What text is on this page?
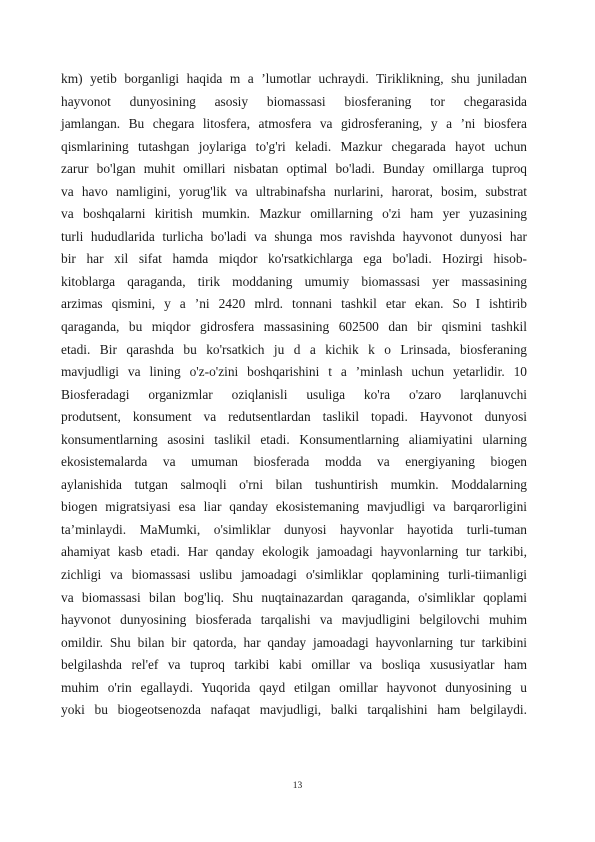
km) yetib borganligi haqida m a ’lumotlar uchraydi. Tiriklikning, shu juniladan
hayvonot dunyosining asosiy biomassasi biosferaning tor chegarasida
jamlangan. Bu chegara litosfera, atmosfera va gidrosferaning, y a ’ni biosfera
qismlarining tutashgan joylariga to'g'ri keladi. Mazkur chegarada hayot uchun
zarur bo'lgan muhit omillari nisbatan optimal bo'ladi. Bunday omillarga tuproq
va havo namligini, yorug'lik va ultrabinafsha nurlarini, harorat, bosim, substrat
va boshqalarni kiritish mumkin. Mazkur omillarning o'zi ham yer yuzasining
turli hududlarida turlicha bo'ladi va shunga mos ravishda hayvonot dunyosi har
bir har xil sifat hamda miqdor ko'rsatkichlarga ega bo'ladi. Hozirgi hisob-
kitoblarga qaraganda, tirik moddaning umumiy biomassasi yer massasining
arzimas qismini, y a ’ni 2420 mlrd. tonnani tashkil etar ekan. So I ishtirib
qaraganda, bu miqdor gidrosfera massasining 602500 dan bir qismini tashkil
etadi. Bir qarashda bu ko'rsatkich ju d a kichik k o Lrinsada, biosferaning
mavjudligi va lining o'z-o'zini boshqarishini t a ’minlash uchun yetarlidir. 10
Biosferadagi organizmlar oziqlanisli usuliga ko'ra o'zaro larqlanuvchi
produtsent, konsument va redutsentlardan taslikil topadi. Hayvonot dunyosi
konsumentlarning asosini taslikil etadi. Konsumentlarning aliamiyatini ularning
ekosistemalarda va umuman biosferada modda va energiyaning biogen
aylanishida tutgan salmoqli o'rni bilan tushuntirish mumkin. Moddalarning
biogen migratsiyasi esa liar qanday ekosistemaning mavjudligi va barqarorligini
ta’minlaydi. MaMumki, o'simliklar dunyosi hayvonlar hayotida turli-tuman
ahamiyat kasb etadi. Har qanday ekologik jamoadagi hayvonlarning tur tarkibi,
zichligi va biomassasi uslibu jamoadagi o'simliklar qoplamining turli-tiimanligi
va biomassasi bilan bog'liq. Shu nuqtainazardan qaraganda, o'simliklar qoplami
hayvonot dunyosining biosferada tarqalishi va mavjudligini belgilovchi muhim
omildir. Shu bilan bir qatorda, har qanday jamoadagi hayvonlarning tur tarkibini
belgilashda rel'ef va tuproq tarkibi kabi omillar va bosliqa xususiyatlar ham
muhim o'rin egallaydi. Yuqorida qayd etilgan omillar hayvonot dunyosining u
yoki bu biogeotsenozda nafaqat mavjudligi, balki tarqalishini ham belgilaydi.
13
